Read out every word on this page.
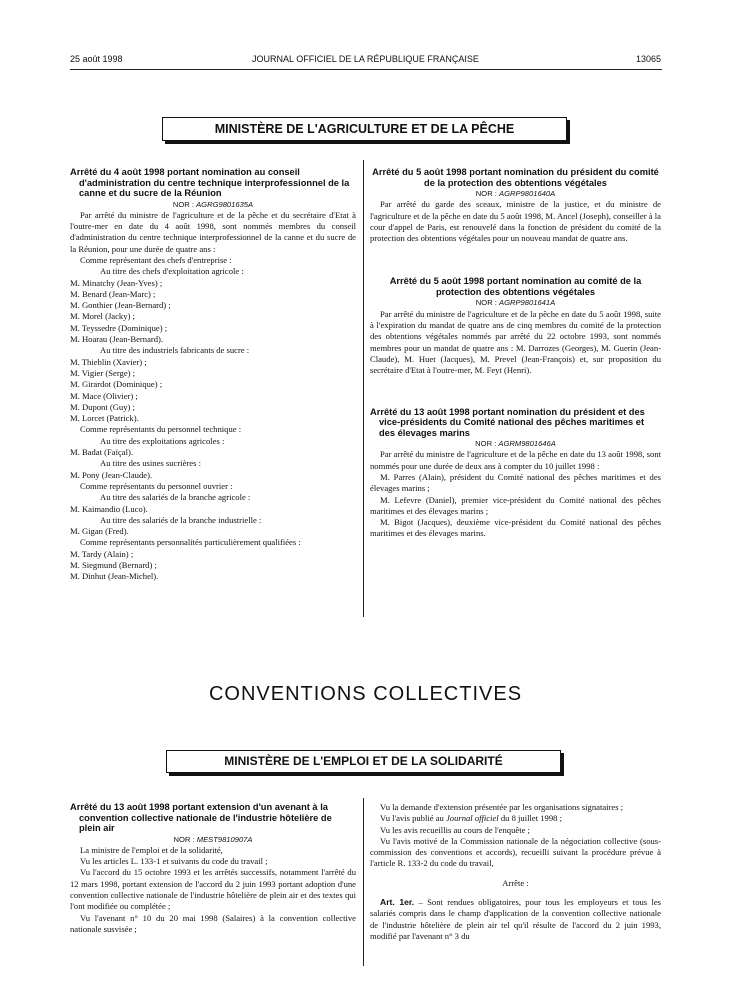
25 août 1998	JOURNAL OFFICIEL DE LA RÉPUBLIQUE FRANÇAISE	13065
MINISTÈRE DE L'AGRICULTURE ET DE LA PÊCHE

Arrêté du 4 août 1998 portant nomination au conseil d'administration du centre technique interprofessionnel de la canne et du sucre de la Réunion

NOR : AGRG9801635A

Par arrêté du ministre de l'agriculture et de la pêche et du secrétaire d'Etat à l'outre-mer en date du 4 août 1998, sont nommés membres du conseil d'administration du centre technique interprofessionnel de la canne et du sucre de la Réunion, pour une durée de quatre ans :

Comme représentant des chefs d'entreprise :

Au titre des chefs d'exploitation agricole :

M. Minatchy (Jean-Yves) ;

M. Benard (Jean-Marc) ;

M. Gonthier (Jean-Bernard) ;

M. Morel (Jacky) ;

M. Teyssedre (Dominique) ;

M. Hoarau (Jean-Bernard).

Au titre des industriels fabricants de sucre :

M. Thieblin (Xavier) ;

M. Vigier (Serge) ;

M. Girardot (Dominique) ;

M. Mace (Olivier) ;

M. Dupont (Guy) ;

M. Lorcet (Patrick).

Comme représentants du personnel technique :

Au titre des exploitations agricoles :

M. Badat (Faïçal).

Au titre des usines sucrières :

M. Pony (Jean-Claude).

Comme représentants du personnel ouvrier :

Au titre des salariés de la branche agricole :

M. Kaimandio (Luco).

Au titre des salariés de la branche industrielle :

M. Gigan (Fred).

Comme représentants personnalités particulièrement qualifiées :

M. Tardy (Alain) ;

M. Siegmund (Bernard) ;

M. Dinhut (Jean-Michel).

Arrêté du 5 août 1998 portant nomination du président du comité de la protection des obtentions végétales

NOR : AGRP9801640A

Par arrêté du garde des sceaux, ministre de la justice, et du ministre de l'agriculture et de la pêche en date du 5 août 1998, M. Ancel (Joseph), conseiller à la cour d'appel de Paris, est renouvelé dans la fonction de président du comité de la protection des obtentions végétales pour un nouveau mandat de quatre ans.

Arrêté du 5 août 1998 portant nomination au comité de la protection des obtentions végétales

NOR : AGRP9801641A

Par arrêté du ministre de l'agriculture et de la pêche en date du 5 août 1998, suite à l'expiration du mandat de quatre ans de cinq membres du comité de la protection des obtentions végétales nommés par arrêté du 22 octobre 1993, sont nommés membres pour un mandat de quatre ans : M. Darrozes (Georges), M. Guerin (Jean-Claude), M. Huet (Jacques), M. Prevel (Jean-François) et, sur proposition du secrétaire d'Etat à l'outre-mer, M. Feyt (Henri).

Arrêté du 13 août 1998 portant nomination du président et des vice-présidents du Comité national des pêches maritimes et des élevages marins

NOR : AGRM9801646A

Par arrêté du ministre de l'agriculture et de la pêche en date du 13 août 1998, sont nommés pour une durée de deux ans à compter du 10 juillet 1998 :

M. Parres (Alain), président du Comité national des pêches maritimes et des élevages marins ;

M. Lefevre (Daniel), premier vice-président du Comité national des pêches maritimes et des élevages marins ;

M. Bigot (Jacques), deuxième vice-président du Comité national des pêches maritimes et des élevages marins.

CONVENTIONS COLLECTIVES
MINISTÈRE DE L'EMPLOI ET DE LA SOLIDARITÉ

Arrêté du 13 août 1998 portant extension d'un avenant à la convention collective nationale de l'industrie hôtelière de plein air

NOR : MEST9810907A

La ministre de l'emploi et de la solidarité,

Vu les articles L. 133-1 et suivants du code du travail ;

Vu l'accord du 15 octobre 1993 et les arrêtés successifs, notamment l'arrêté du 12 mars 1998, portant extension de l'accord du 2 juin 1993 portant adoption d'une convention collective nationale de l'industrie hôtelière de plein air et des textes qui l'ont modifiée ou complétée ;

Vu l'avenant n° 10 du 20 mai 1998 (Salaires) à la convention collective nationale susvisée ;

Vu la demande d'extension présentée par les organisations signataires ;

Vu l'avis publié au Journal officiel du 8 juillet 1998 ;

Vu les avis recueillis au cours de l'enquête ;

Vu l'avis motivé de la Commission nationale de la négociation collective (sous-commission des conventions et accords), recueilli suivant la procédure prévue à l'article R. 133-2 du code du travail,

Arrête :

Art. 1er. – Sont rendues obligatoires, pour tous les employeurs et tous les salariés compris dans le champ d'application de la convention collective nationale de l'industrie hôtelière de plein air tel qu'il résulte de l'accord du 2 juin 1993, modifié par l'avenant n° 3 du
